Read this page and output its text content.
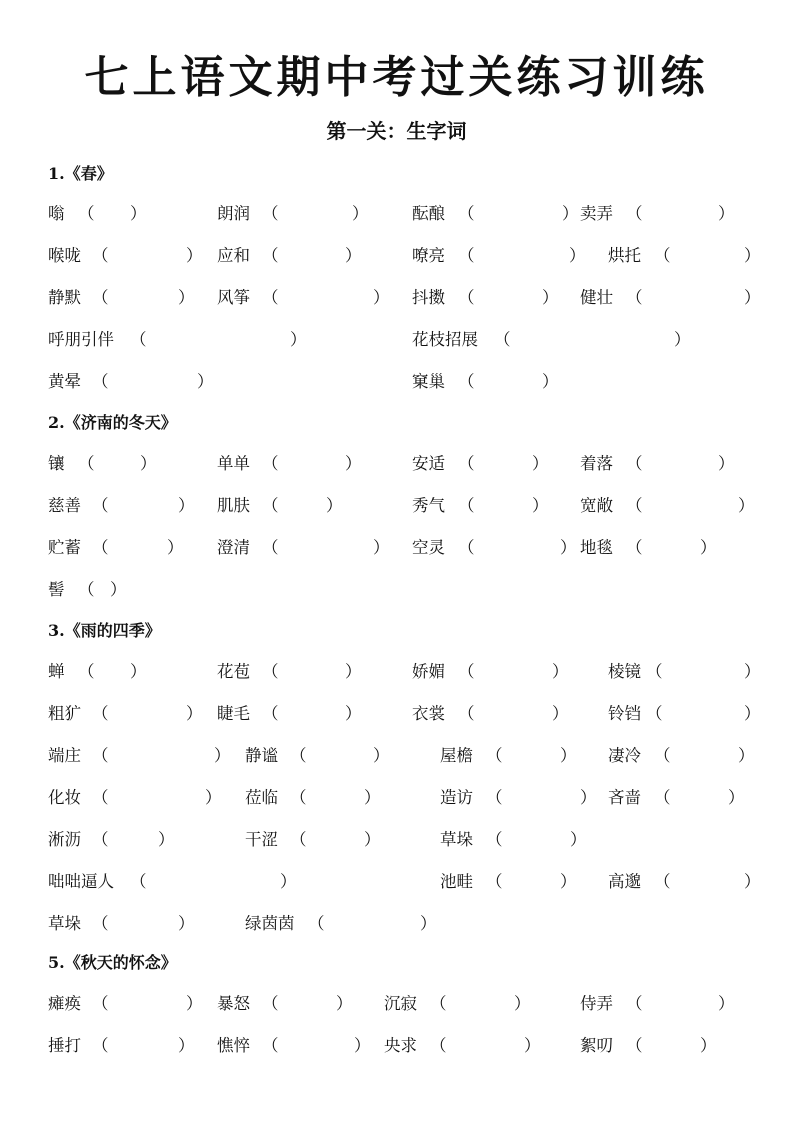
七上语文期中考过关练习训练
第一关：生字词
1.《春》
嗡 （ ）	朗润 （	）	酝酿 （	） 卖弄 （	）
喉咙 （	） 应和 （	）	嘹亮 （	） 烘托 （	）
静默 （	） 风筝 （	） 抖擞 （	） 健壮 （	）
呼朋引伴 （	）	花枝招展 （	）
黄晕 （	）	窠巢 （	）
2.《济南的冬天》
镶 （	）	单单 （	）	安适 （	） 着落 （	）
慈善 （	） 肌肤 （	）	秀气 （	） 宽敞 （	）
贮蓄 （	） 澄清 （	） 空灵 （	） 地毯 （	）
髻 （ ）
3.《雨的四季》
蝉 （ ）	花苞 （	）	娇媚 （	） 棱镜 （	）
粗犷 （	） 睫毛 （	）	衣裳 （	） 铃铛 （	）
端庄 （	） 静谧 （	）	屋檐 （	） 凄冷 （	）
化妆 （	） 莅临 （	）	造访 （	） 吝啬 （	）
淅沥 （	）	干涩 （	）	草垛 （	）
咄咄逼人 （	）	池畦 （	） 高邈 （	）
草垛 （	）	绿茵茵 （	）
5.《秋天的怀念》
瘫痪 （	） 暴怒 （	） 沉寂 （	）	侍弄 （	）
捶打 （	） 憔悴 （	） 央求 （	） 絮叨 （	）
